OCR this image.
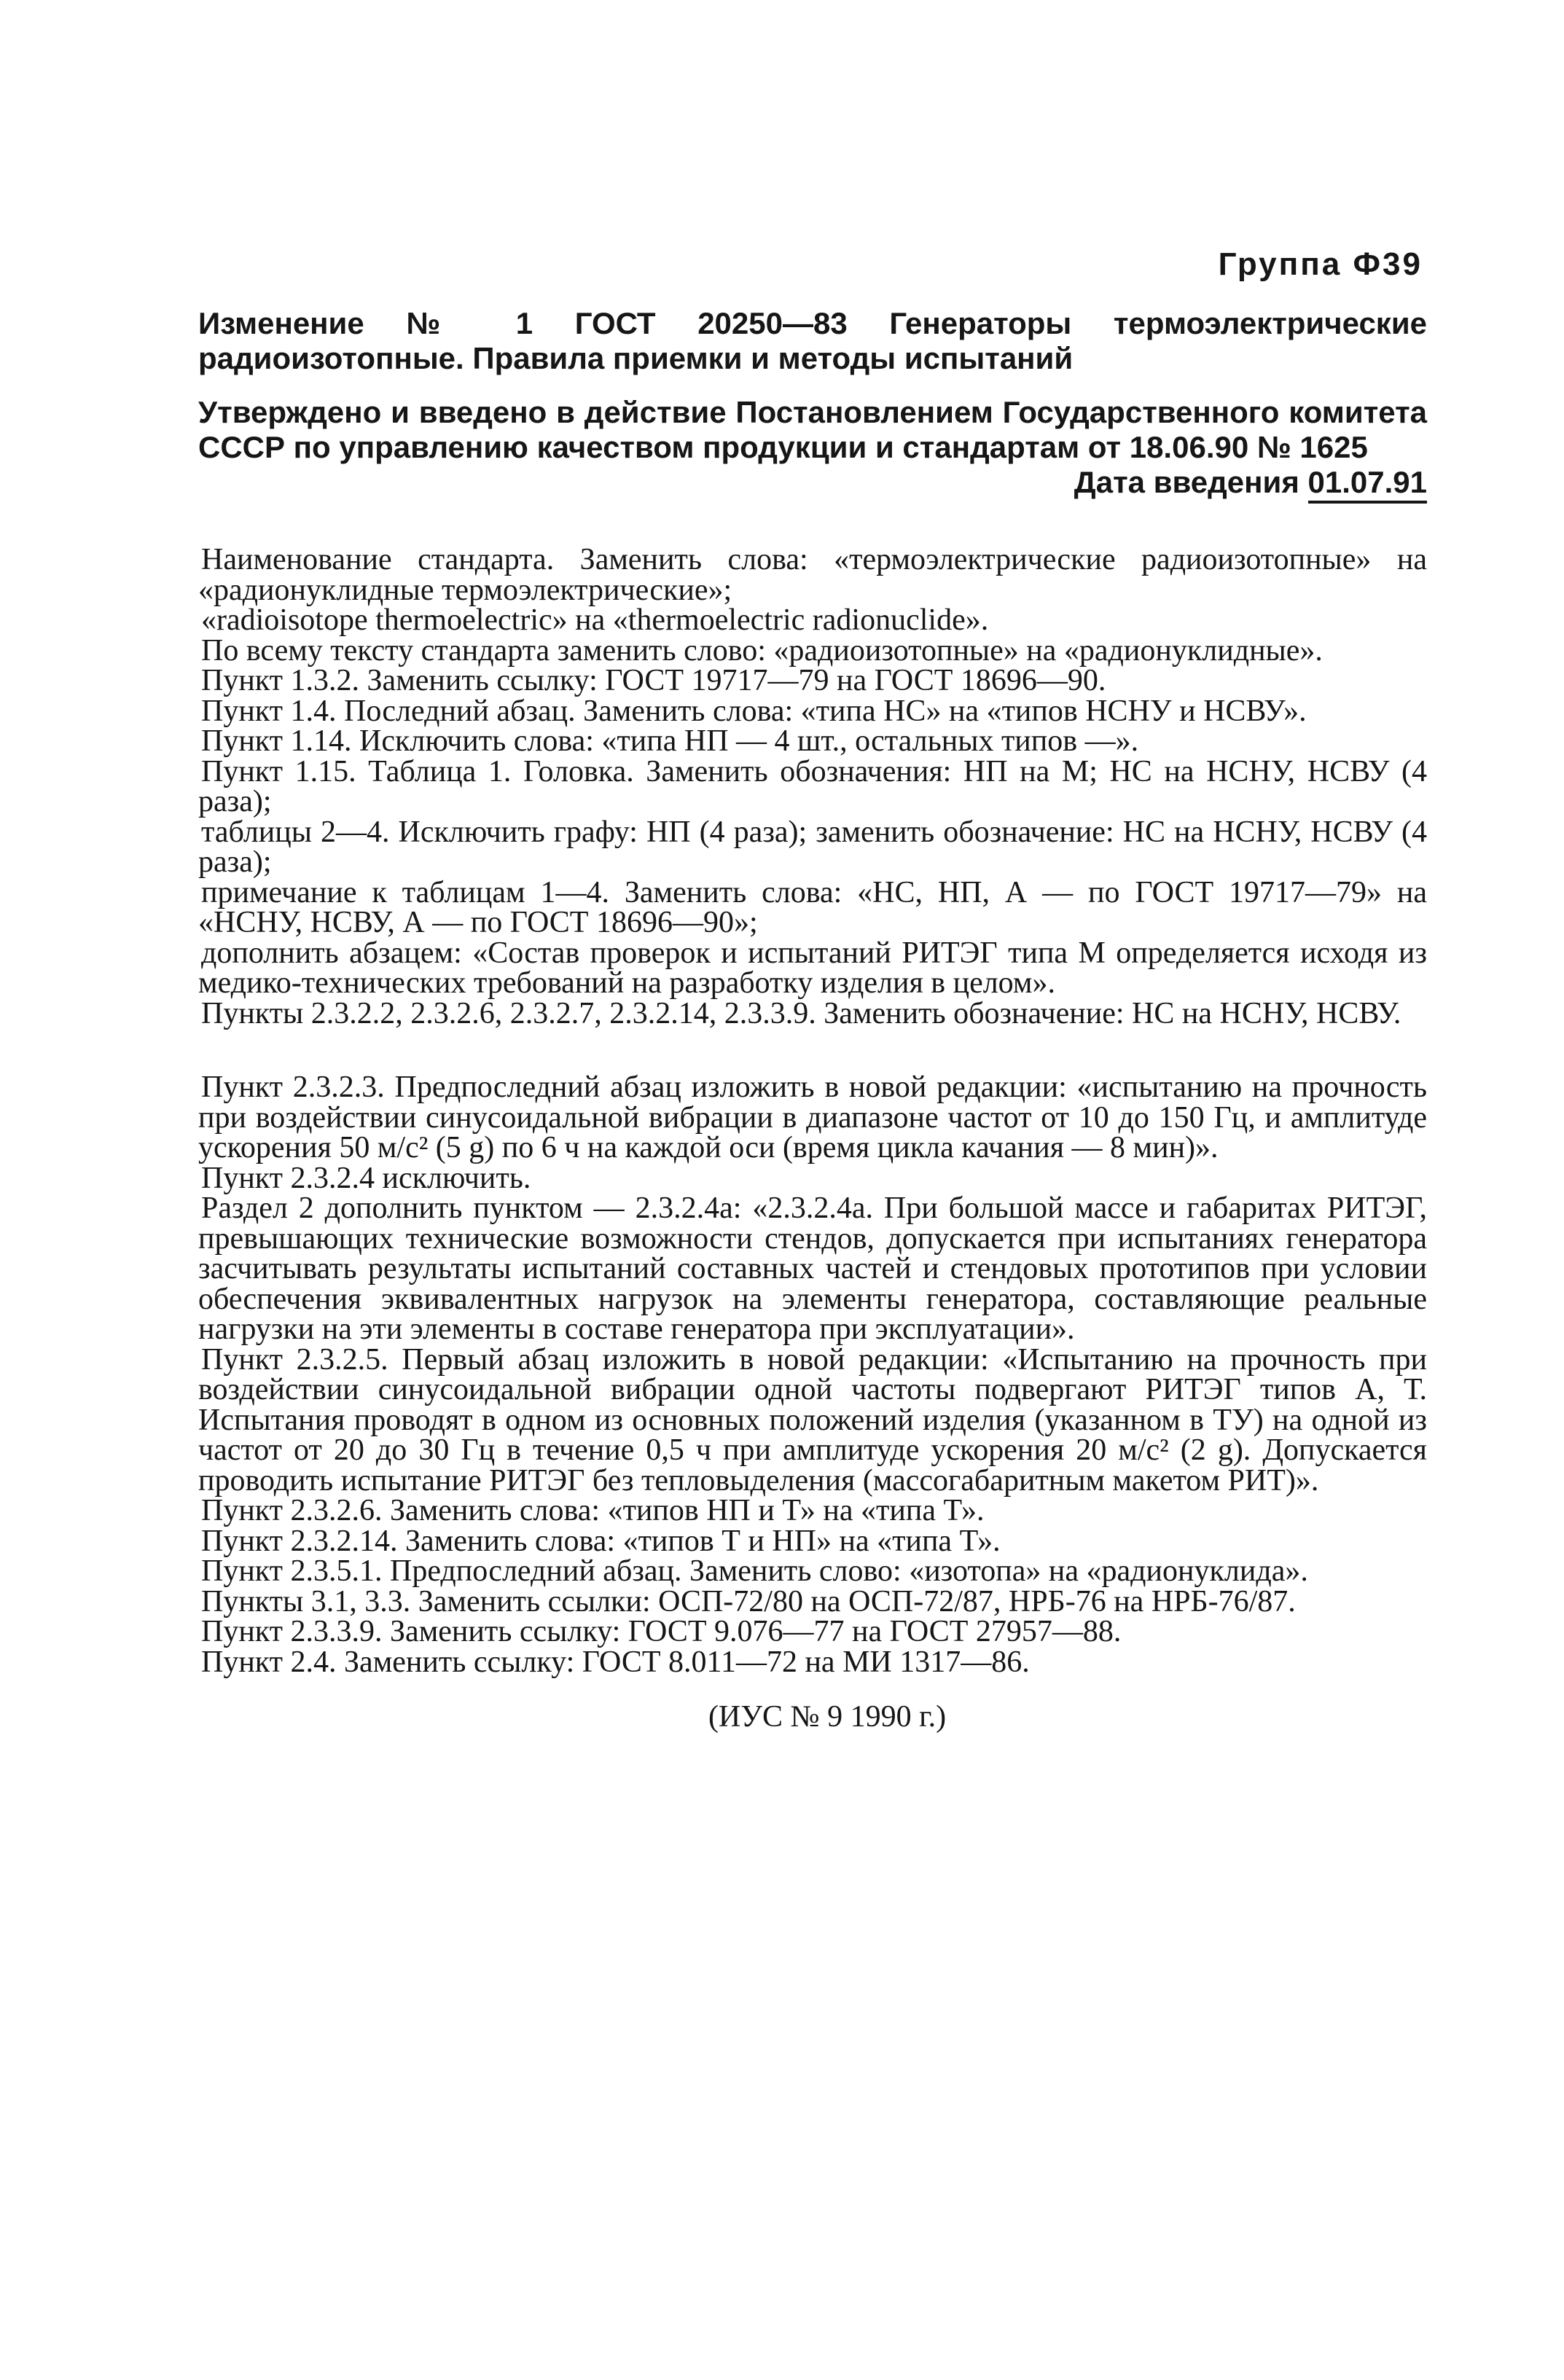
Группа Ф39

Изменение № 1 ГОСТ 20250—83 Генераторы термоэлектрические радиоизотопные. Правила приемки и методы испытаний

Утверждено и введено в действие Постановлением Государственного комитета СССР по управлению качеством продукции и стандартам от 18.06.90 № 1625

Дата введения 01.07.91

Наименование стандарта. Заменить слова: «термоэлектрические радиоизотопные» на «радионуклидные термоэлектрические»;

«radioisotope thermoelectric» на «thermoelectric radionuclide».

По всему тексту стандарта заменить слово: «радиоизотопные» на «радионуклидные».

Пункт 1.3.2. Заменить ссылку: ГОСТ 19717—79 на ГОСТ 18696—90.

Пункт 1.4. Последний абзац. Заменить слова: «типа НС» на «типов НСНУ и НСВУ».

Пункт 1.14. Исключить слова: «типа НП — 4 шт., остальных типов —».

Пункт 1.15. Таблица 1. Головка. Заменить обозначения: НП на М; НС на НСНУ, НСВУ (4 раза);

таблицы 2—4. Исключить графу: НП (4 раза); заменить обозначение: НС на НСНУ, НСВУ (4 раза);

примечание к таблицам 1—4. Заменить слова: «НС, НП, А — по ГОСТ 19717—79» на «НСНУ, НСВУ, А — по ГОСТ 18696—90»;

дополнить абзацем: «Состав проверок и испытаний РИТЭГ типа М определяется исходя из медико-технических требований на разработку изделия в целом».

Пункты 2.3.2.2, 2.3.2.6, 2.3.2.7, 2.3.2.14, 2.3.3.9. Заменить обозначение: НС на НСНУ, НСВУ.

Пункт 2.3.2.3. Предпоследний абзац изложить в новой редакции: «испытанию на прочность при воздействии синусоидальной вибрации в диапазоне частот от 10 до 150 Гц, и амплитуде ускорения 50 м/с² (5 g) по 6 ч на каждой оси (время цикла качания — 8 мин)».

Пункт 2.3.2.4 исключить.

Раздел 2 дополнить пунктом — 2.3.2.4а: «2.3.2.4а. При большой массе и габаритах РИТЭГ, превышающих технические возможности стендов, допускается при испытаниях генератора засчитывать результаты испытаний составных частей и стендовых прототипов при условии обеспечения эквивалентных нагрузок на элементы генератора, составляющие реальные нагрузки на эти элементы в составе генератора при эксплуатации».

Пункт 2.3.2.5. Первый абзац изложить в новой редакции: «Испытанию на прочность при воздействии синусоидальной вибрации одной частоты подвергают РИТЭГ типов А, Т. Испытания проводят в одном из основных положений изделия (указанном в ТУ) на одной из частот от 20 до 30 Гц в течение 0,5 ч при амплитуде ускорения 20 м/с² (2 g). Допускается проводить испытание РИТЭГ без тепловыделения (массогабаритным макетом РИТ)».

Пункт 2.3.2.6. Заменить слова: «типов НП и Т» на «типа Т».

Пункт 2.3.2.14. Заменить слова: «типов Т и НП» на «типа Т».

Пункт 2.3.5.1. Предпоследний абзац. Заменить слово: «изотопа» на «радионуклида».

Пункты 3.1, 3.3. Заменить ссылки: ОСП-72/80 на ОСП-72/87, НРБ-76 на НРБ-76/87.

Пункт 2.3.3.9. Заменить ссылку: ГОСТ 9.076—77 на ГОСТ 27957—88.

Пункт 2.4. Заменить ссылку: ГОСТ 8.011—72 на МИ 1317—86.

(ИУС № 9 1990 г.)
